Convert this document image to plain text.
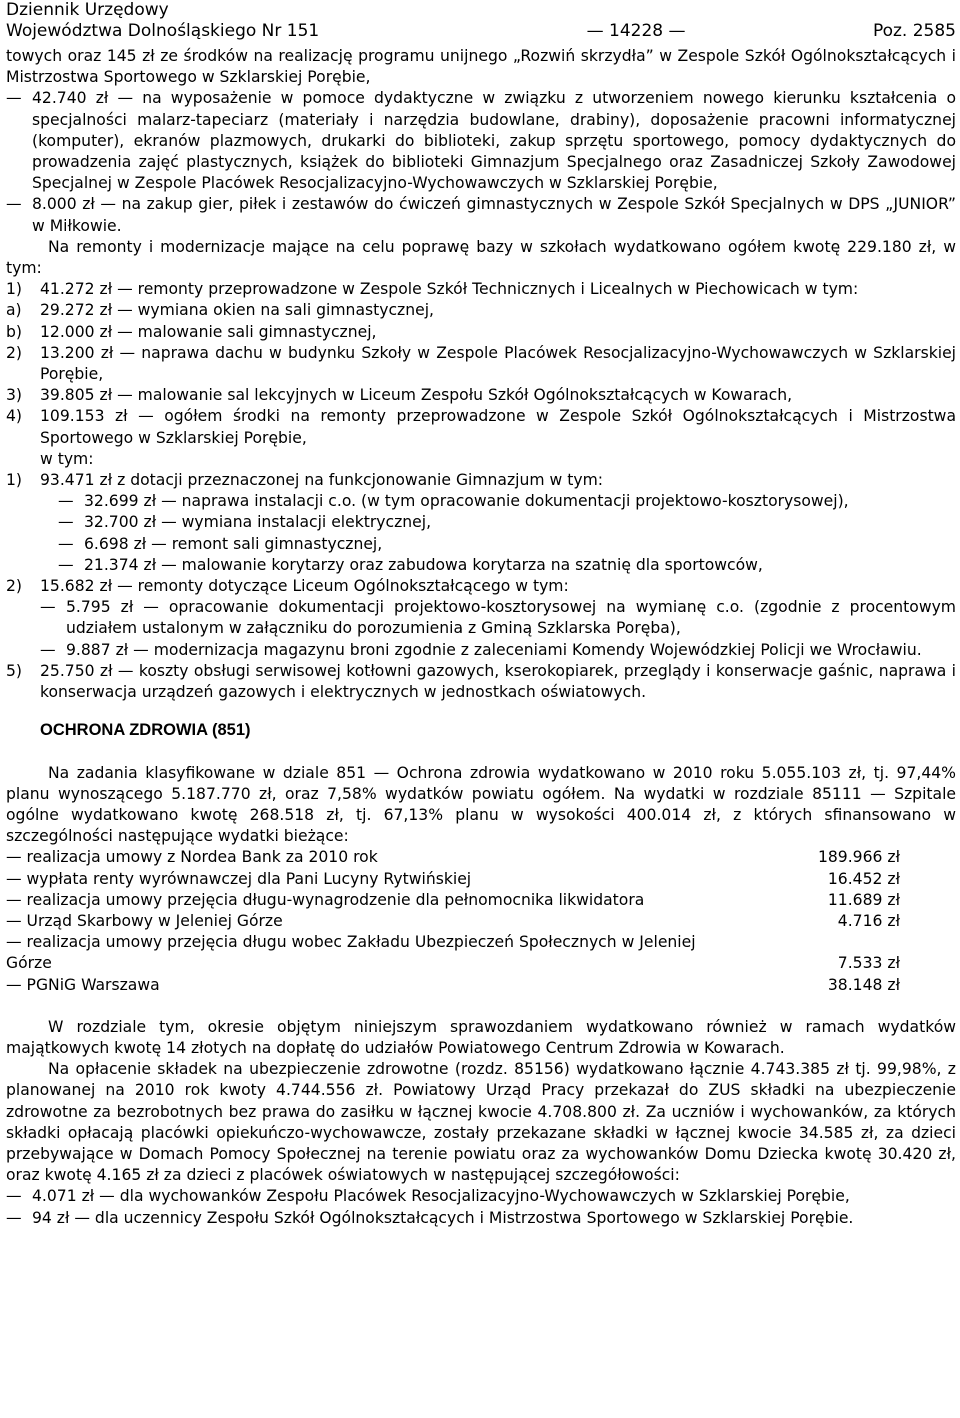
Dziennik Urzędowy
Województwa Dolnośląskiego Nr 151	— 14228 —	Poz. 2585

towych oraz 145 zł ze środków na realizację programu unijnego „Rozwiń skrzydła” w Zespole Szkół Ogólnokształcących i Mistrzostwa Sportowego w Szklarskiej Porębie,

— 42.740 zł — na wyposażenie w pomoce dydaktyczne w związku z utworzeniem nowego kierunku kształcenia o specjalności malarz-tapeciarz (materiały i narzędzia budowlane, drabiny), doposażenie pracowni informatycznej (komputer), ekranów plazmowych, drukarki do biblioteki, zakup sprzętu sportowego, pomocy dydaktycznych do prowadzenia zajęć plastycznych, książek do biblioteki Gimnazjum Specjalnego oraz Zasadniczej Szkoły Zawodowej Specjalnej w Zespole Placówek Resocjalizacyjno-Wychowawczych w Szklarskiej Porębie,

— 8.000 zł — na zakup gier, piłek i zestawów do ćwiczeń gimnastycznych w Zespole Szkół Specjalnych w DPS „JUNIOR” w Miłkowie.

Na remonty i modernizacje mające na celu poprawę bazy w szkołach wydatkowano ogółem kwotę 229.180 zł, w tym:

1) 41.272 zł — remonty przeprowadzone w Zespole Szkół Technicznych i Licealnych w Piechowicach w tym:

a) 29.272 zł — wymiana okien na sali gimnastycznej,

b) 12.000 zł — malowanie sali gimnastycznej,

2) 13.200 zł — naprawa dachu w budynku Szkoły w Zespole Placówek Resocjalizacyjno-Wychowawczych w Szklarskiej Porębie,

3) 39.805 zł — malowanie sal lekcyjnych w Liceum Zespołu Szkół Ogólnokształcących w Kowarach,

4) 109.153 zł — ogółem środki na remonty przeprowadzone w Zespole Szkół Ogólnokształcących i Mistrzostwa Sportowego w Szklarskiej Porębie,

w tym:

1) 93.471 zł z dotacji przeznaczonej na funkcjonowanie Gimnazjum w tym:

— 32.699 zł — naprawa instalacji c.o. (w tym opracowanie dokumentacji projektowo-kosztorysowej),

— 32.700 zł — wymiana instalacji elektrycznej,

— 6.698 zł — remont sali gimnastycznej,

— 21.374 zł — malowanie korytarzy oraz zabudowa korytarza na szatnię dla sportowców,

2) 15.682 zł — remonty dotyczące Liceum Ogólnokształcącego w tym:

— 5.795 zł — opracowanie dokumentacji projektowo-kosztorysowej na wymianę c.o. (zgodnie z procentowym udziałem ustalonym w załączniku do porozumienia z Gminą Szklarska Poręba),

— 9.887 zł — modernizacja magazynu broni zgodnie z zaleceniami Komendy Wojewódzkiej Policji we Wrocławiu.

5) 25.750 zł — koszty obsługi serwisowej kotłowni gazowych, kserokopiarek, przeglądy i konserwacje gaśnic, naprawa i konserwacja urządzeń gazowych i elektrycznych w jednostkach oświatowych.

OCHRONA ZDROWIA (851)

Na zadania klasyfikowane w dziale 851 — Ochrona zdrowia wydatkowano w 2010 roku 5.055.103 zł, tj. 97,44% planu wynoszącego 5.187.770 zł, oraz 7,58% wydatków powiatu ogółem. Na wydatki w rozdziale 85111 — Szpitale ogólne wydatkowano kwotę 268.518 zł, tj. 67,13% planu w wysokości 400.014 zł, z których sfinansowano w szczególności następujące wydatki bieżące:

— realizacja umowy z Nordea Bank za 2010 rok	189.966 zł
— wypłata renty wyrównawczej dla Pani Lucyny Rytwińskiej	16.452 zł
— realizacja umowy przejęcia długu-wynagrodzenie dla pełnomocnika likwidatora	11.689 zł
— Urząd Skarbowy w Jeleniej Górze	4.716 zł
— realizacja umowy przejęcia długu wobec Zakładu Ubezpieczeń Społecznych w Jeleniej Górze	7.533 zł
— PGNiG Warszawa	38.148 zł

W rozdziale tym, okresie objętym niniejszym sprawozdaniem wydatkowano również w ramach wydatków majątkowych kwotę 14 złotych na dopłatę do udziałów Powiatowego Centrum Zdrowia w Kowarach.

Na opłacenie składek na ubezpieczenie zdrowotne (rozdz. 85156) wydatkowano łącznie 4.743.385 zł tj. 99,98%, z planowanej na 2010 rok kwoty 4.744.556 zł. Powiatowy Urząd Pracy przekazał do ZUS składki na ubezpieczenie zdrowotne za bezrobotnych bez prawa do zasiłku w łącznej kwocie 4.708.800 zł. Za uczniów i wychowanków, za których składki opłacają placówki opiekuńczo-wychowawcze, zostały przekazane składki w łącznej kwocie 34.585 zł, za dzieci przebywające w Domach Pomocy Społecznej na terenie powiatu oraz za wychowanków Domu Dziecka kwotę 30.420 zł, oraz kwotę 4.165 zł za dzieci z placówek oświatowych w następującej szczegółowości:

— 4.071 zł — dla wychowanków Zespołu Placówek Resocjalizacyjno-Wychowawczych w Szklarskiej Porębie,

— 94 zł — dla uczennicy Zespołu Szkół Ogólnokształcących i Mistrzostwa Sportowego w Szklarskiej Porębie.
